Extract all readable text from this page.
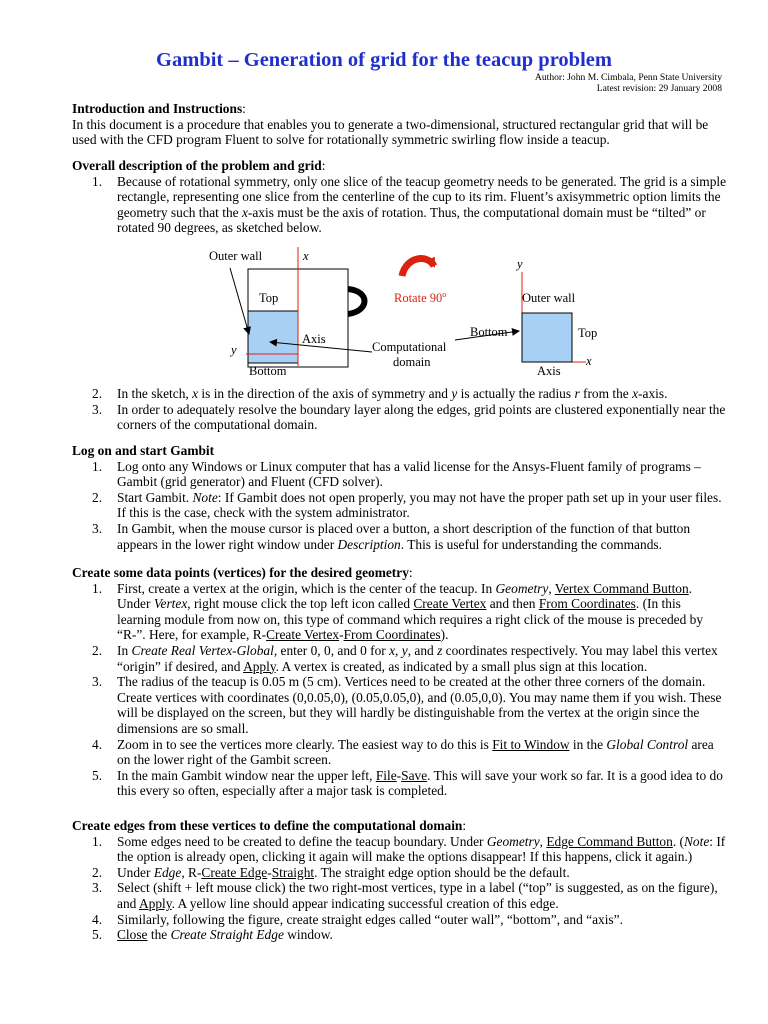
Gambit – Generation of grid for the teacup problem
Author: John M. Cimbala, Penn State University
Latest revision: 29 January 2008
Introduction and Instructions:
In this document is a procedure that enables you to generate a two-dimensional, structured rectangular grid that will be used with the CFD program Fluent to solve for rotationally symmetric swirling flow inside a teacup.
Overall description of the problem and grid:
1. Because of rotational symmetry, only one slice of the teacup geometry needs to be generated. The grid is a simple rectangle, representing one slice from the centerline of the cup to its rim. Fluent’s axisymmetric option limits the geometry such that the x-axis must be the axis of rotation. Thus, the computational domain must be “tilted” or rotated 90 degrees, as sketched below.
Outer wall	x
Top
Axis
y
Bottom
Rotate 90$^o$
Computational
domain
y
Outer wall
Bottom	Top
x
Axis
2. In the sketch, x is in the direction of the axis of symmetry and y is actually the radius r from the x-axis.
3. In order to adequately resolve the boundary layer along the edges, grid points are clustered exponentially near the corners of the computational domain.
Log on and start Gambit
1. Log onto any Windows or Linux computer that has a valid license for the Ansys-Fluent family of programs – Gambit (grid generator) and Fluent (CFD solver).
2. Start Gambit. Note: If Gambit does not open properly, you may not have the proper path set up in your user files. If this is the case, check with the system administrator.
3. In Gambit, when the mouse cursor is placed over a button, a short description of the function of that button appears in the lower right window under Description. This is useful for understanding the commands.
Create some data points (vertices) for the desired geometry:
1. First, create a vertex at the origin, which is the center of the teacup. In Geometry, Vertex Command Button. Under Vertex, right mouse click the top left icon called Create Vertex and then From Coordinates. (In this learning module from now on, this type of command which requires a right click of the mouse is preceded by “R-”. Here, for example, R-Create Vertex-From Coordinates).
2. In Create Real Vertex-Global, enter 0, 0, and 0 for x, y, and z coordinates respectively. You may label this vertex “origin” if desired, and Apply. A vertex is created, as indicated by a small plus sign at this location.
3. The radius of the teacup is 0.05 m (5 cm). Vertices need to be created at the other three corners of the domain. Create vertices with coordinates (0,0.05,0), (0.05,0.05,0), and (0.05,0,0). You may name them if you wish. These will be displayed on the screen, but they will hardly be distinguishable from the vertex at the origin since the dimensions are so small.
4. Zoom in to see the vertices more clearly. The easiest way to do this is Fit to Window in the Global Control area on the lower right of the Gambit screen.
5. In the main Gambit window near the upper left, File-Save. This will save your work so far. It is a good idea to do this every so often, especially after a major task is completed.
Create edges from these vertices to define the computational domain:
1. Some edges need to be created to define the teacup boundary. Under Geometry, Edge Command Button. (Note: If the option is already open, clicking it again will make the options disappear! If this happens, click it again.)
2. Under Edge, R-Create Edge-Straight. The straight edge option should be the default.
3. Select (shift + left mouse click) the two right-most vertices, type in a label (“top” is suggested, as on the figure), and Apply. A yellow line should appear indicating successful creation of this edge.
4. Similarly, following the figure, create straight edges called “outer wall”, “bottom”, and “axis”.
5. Close the Create Straight Edge window.
